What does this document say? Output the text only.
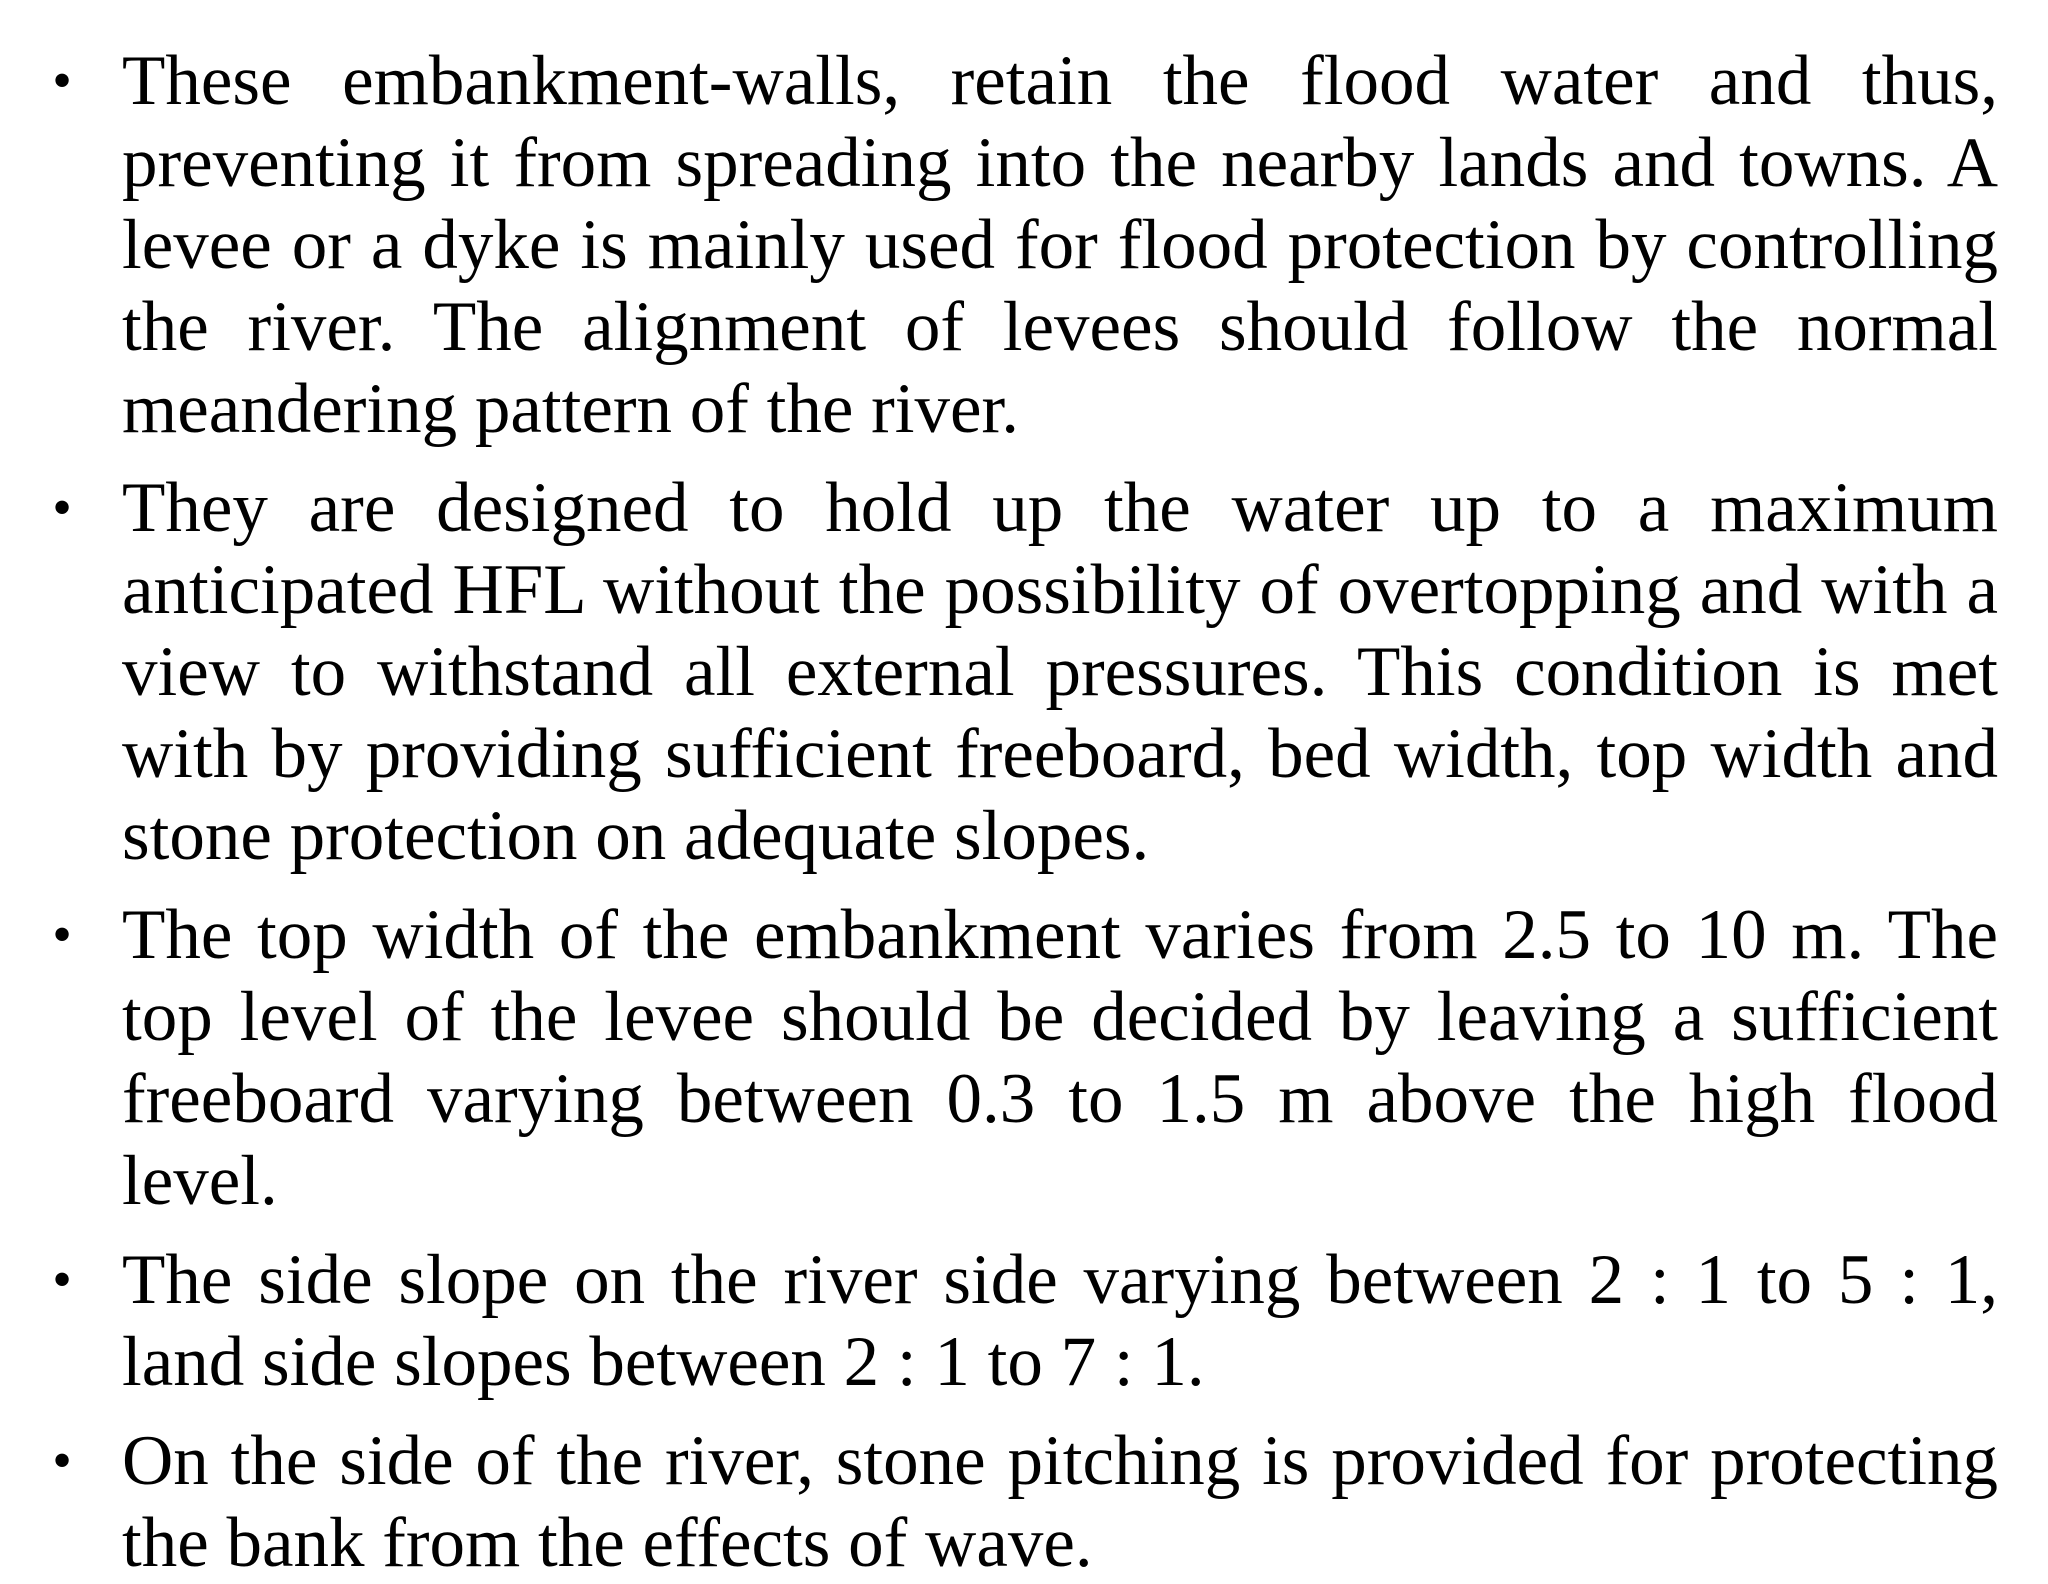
• These embankment-walls, retain the flood water and thus, preventing it from spreading into the nearby lands and towns. A levee or a dyke is mainly used for flood protection by controlling the river. The alignment of levees should follow the normal meandering pattern of the river.
• They are designed to hold up the water up to a maximum anticipated HFL without the possibility of overtopping and with a view to withstand all external pressures. This condition is met with by providing sufficient freeboard, bed width, top width and stone protection on adequate slopes.
• The top width of the embankment varies from 2.5 to 10 m. The top level of the levee should be decided by leaving a sufficient freeboard varying between 0.3 to 1.5 m above the high flood level.
• The side slope on the river side varying between 2 : 1 to 5 : 1, land side slopes between 2 : 1 to 7 : 1.
• On the side of the river, stone pitching is provided for protecting the bank from the effects of wave.
